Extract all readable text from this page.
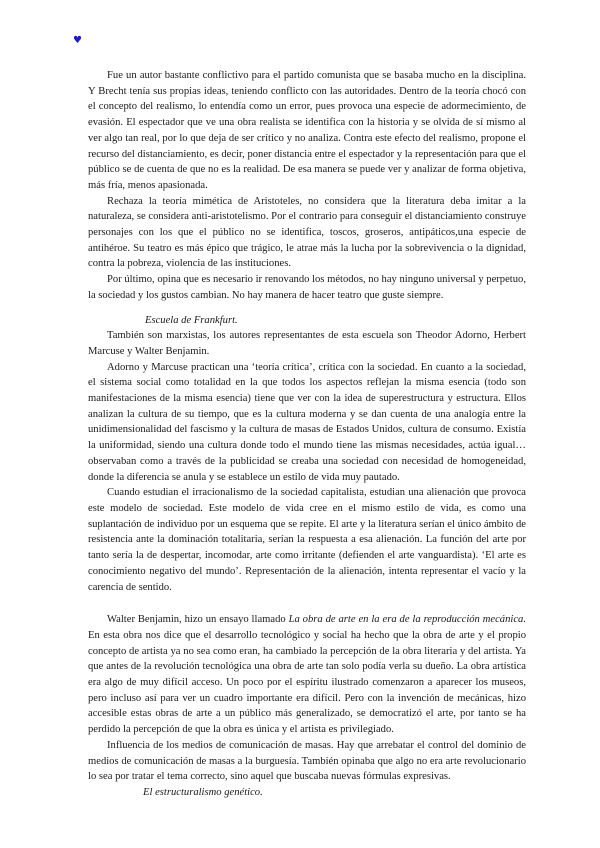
♥

Fue un autor bastante conflictivo para el partido comunista que se basaba mucho en la disciplina. Y Brecht tenía sus propias ideas, teniendo conflicto con las autoridades. Dentro de la teoría chocó con el concepto del realismo, lo entendía como un error, pues provoca una especie de adormecimiento, de evasión. El espectador que ve una obra realista se identifica con la historia y se olvida de sí mismo al ver algo tan real, por lo que deja de ser crítico y no analiza. Contra este efecto del realismo, propone el recurso del distanciamiento, es decir, poner distancia entre el espectador y la representación para que el público se de cuenta de que no es la realidad. De esa manera se puede ver y analizar de forma objetiva, más fría, menos apasionada.

Rechaza la teoría mimética de Aristoteles, no considera que la literatura deba imitar a la naturaleza, se considera anti-aristotelismo. Por el contrario para conseguir el distanciamiento construye personajes con los que el público no se identifica, toscos, groseros, antipáticos,una especie de antihéroe. Su teatro es más épico que trágico, le atrae más la lucha por la sobrevivencia o la dignidad, contra la pobreza, violencia de las instituciones.

Por último, opina que es necesario ir renovando los métodos, no hay ninguno universal y perpetuo, la sociedad y los gustos cambian. No hay manera de hacer teatro que guste siempre.

Escuela de Frankfurt.

También son marxistas, los autores representantes de esta escuela son Theodor Adorno, Herbert Marcuse y Walter Benjamin.

Adorno y Marcuse practican una ‘teoría crítica’, crítica con la sociedad. En cuanto a la sociedad, el sistema social como totalidad en la que todos los aspectos reflejan la misma esencia (todo son manifestaciones de la misma esencia) tiene que ver con la idea de superestructura y estructura. Ellos analizan la cultura de su tiempo, que es la cultura moderna y se dan cuenta de una analogía entre la unidimensionalidad del fascismo y la cultura de masas de Estados Unidos, cultura de consumo. Existía la uniformidad, siendo una cultura donde todo el mundo tiene las mismas necesidades, actúa igual… observaban como a través de la publicidad se creaba una sociedad con necesidad de homogeneidad, donde la diferencia se anula y se establece un estilo de vida muy pautado.

Cuando estudian el irracionalismo de la sociedad capitalista, estudian una alienación que provoca este modelo de sociedad. Este modelo de vida cree en el mismo estilo de vida, es como una suplantación de individuo por un esquema que se repite. El arte y la literatura serían el único ámbito de resistencia ante la dominación totalitaria, serían la respuesta a esa alienación. La función del arte por tanto sería la de despertar, incomodar, arte como irritante (defienden el arte vanguardista). ‘El arte es conocimiento negativo del mundo’. Representación de la alienación, intenta representar el vacío y la carencia de sentido.

Walter Benjamin, hizo un ensayo llamado La obra de arte en la era de la reproducción mecánica. En esta obra nos dice que el desarrollo tecnológico y social ha hecho que la obra de arte y el propio concepto de artista ya no sea como eran, ha cambiado la percepción de la obra literaria y del artista. Ya que antes de la revolución tecnológica una obra de arte tan solo podía verla su dueño. La obra artística era algo de muy difícil acceso. Un poco por el espíritu ilustrado comenzaron a aparecer los museos, pero incluso así para ver un cuadro importante era difícil. Pero con la invención de mecánicas, hizo accesible estas obras de arte a un público más generalizado, se democratizó el arte, por tanto se ha perdido la percepción de que la obra es única y el artista es privilegiado.

Influencia de los medios de comunicación de masas. Hay que arrebatar el control del dominio de medios de comunicación de masas a la burguesía. También opinaba que algo no era arte revolucionario lo sea por tratar el tema correcto, sino aquel que buscaba nuevas fórmulas expresivas.

El estructuralismo genético.
